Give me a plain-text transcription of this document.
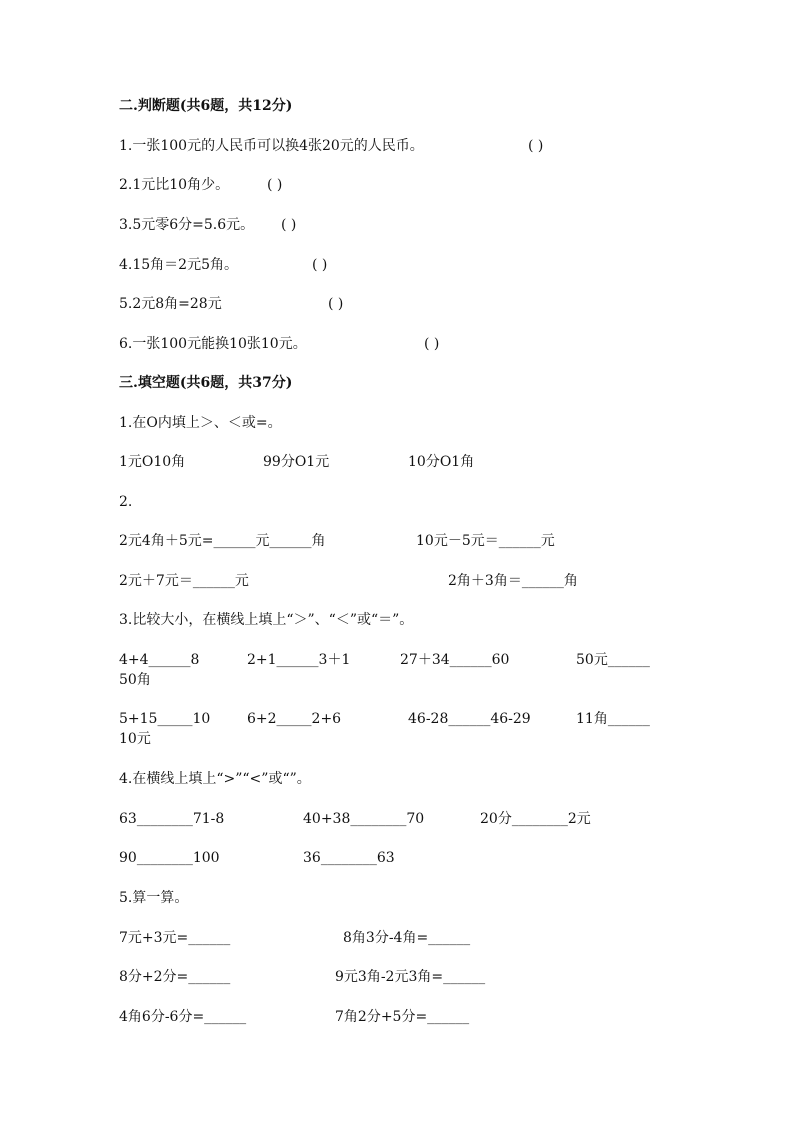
二.判断题(共6题，共12分)
1.一张100元的人民币可以换4张20元的人民币。	( )
2.1元比10角少。	( )
3.5元零6分=5.6元。 ( )
4.15角＝2元5角。	( )
5.2元8角=28元	( )
6.一张100元能换10张10元。	( )
三.填空题(共6题，共37分)
1.在O内填上＞、＜或=。
1元O10角	99分O1元	10分O1角
2.
2元4角＋5元=______元______角	10元－5元＝______元
2元＋7元＝______元	2角＋3角＝______角
3.比较大小，在横线上填上“＞”、“＜”或“＝”。
4+4______8	2+1______3＋1	27＋34______60	50元______
50角
5+15_____10	6+2_____2+6	46-28______46-29	11角______
10元
4.在横线上填上“>”“<”或“”。
63________71-8	40+38________70	20分________2元
90________100	36________63
5.算一算。
7元+3元=______	8角3分-4角=______
8分+2分=______	9元3角-2元3角=______
4角6分-6分=______	7角2分+5分=______
